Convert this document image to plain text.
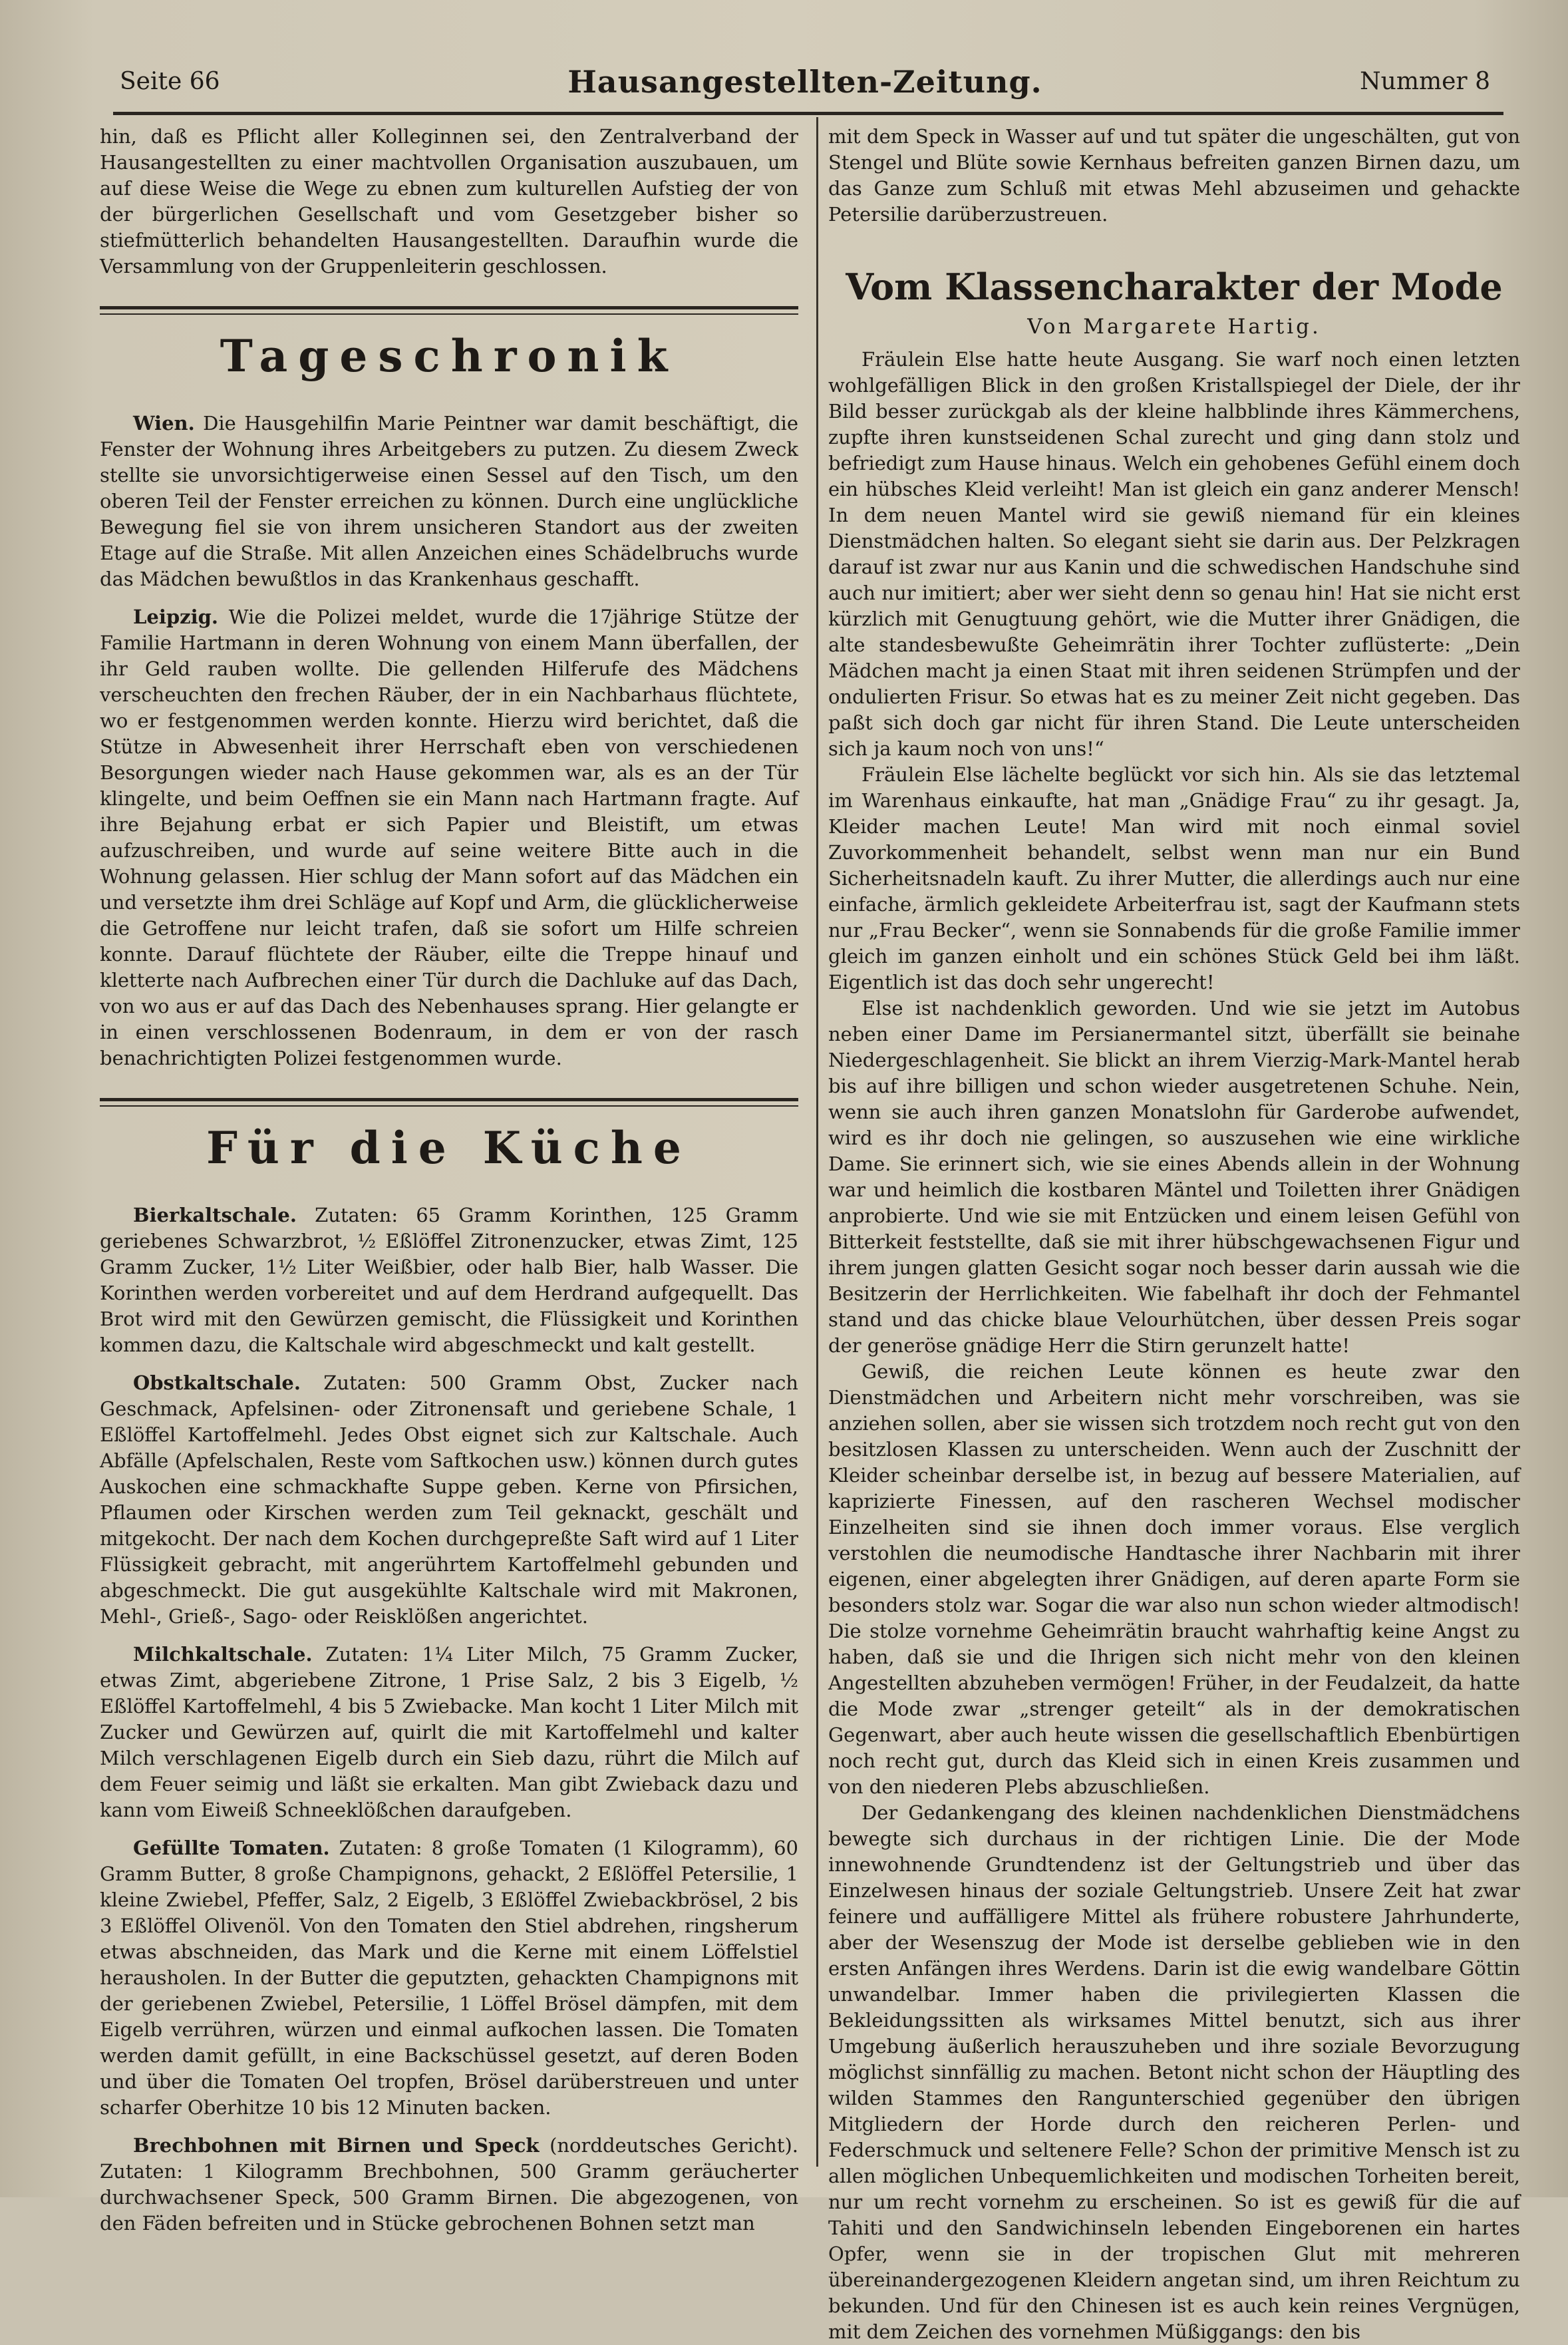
Seite 66	Hausangestellten-Zeitung.	Nummer 8

hin, daß es Pflicht aller Kolleginnen sei, den Zentralverband der Hausangestellten zu einer machtvollen Organisation auszubauen, um auf diese Weise die Wege zu ebnen zum kulturellen Aufstieg der von der bürgerlichen Gesellschaft und vom Gesetzgeber bisher so stiefmütterlich behandelten Hausangestellten. Daraufhin wurde die Versammlung von der Gruppenleiterin geschlossen.

Tageschronik

Wien. Die Hausgehilfin Marie Peintner war damit beschäftigt, die Fenster der Wohnung ihres Arbeitgebers zu putzen. Zu diesem Zweck stellte sie unvorsichtigerweise einen Sessel auf den Tisch, um den oberen Teil der Fenster erreichen zu können. Durch eine unglückliche Bewegung fiel sie von ihrem unsicheren Standort aus der zweiten Etage auf die Straße. Mit allen Anzeichen eines Schädelbruchs wurde das Mädchen bewußtlos in das Krankenhaus geschafft.

Leipzig. Wie die Polizei meldet, wurde die 17jährige Stütze der Familie Hartmann in deren Wohnung von einem Mann überfallen, der ihr Geld rauben wollte. Die gellenden Hilferufe des Mädchens verscheuchten den frechen Räuber, der in ein Nachbarhaus flüchtete, wo er festgenommen werden konnte. Hierzu wird berichtet, daß die Stütze in Abwesenheit ihrer Herrschaft eben von verschiedenen Besorgungen wieder nach Hause gekommen war, als es an der Tür klingelte, und beim Oeffnen sie ein Mann nach Hartmann fragte. Auf ihre Bejahung erbat er sich Papier und Bleistift, um etwas aufzuschreiben, und wurde auf seine weitere Bitte auch in die Wohnung gelassen. Hier schlug der Mann sofort auf das Mädchen ein und versetzte ihm drei Schläge auf Kopf und Arm, die glücklicherweise die Getroffene nur leicht trafen, daß sie sofort um Hilfe schreien konnte. Darauf flüchtete der Räuber, eilte die Treppe hinauf und kletterte nach Aufbrechen einer Tür durch die Dachluke auf das Dach, von wo aus er auf das Dach des Nebenhauses sprang. Hier gelangte er in einen verschlossenen Bodenraum, in dem er von der rasch benachrichtigten Polizei festgenommen wurde.

Für die Küche

Bierkaltschale. Zutaten: 65 Gramm Korinthen, 125 Gramm geriebenes Schwarzbrot, ½ Eßlöffel Zitronenzucker, etwas Zimt, 125 Gramm Zucker, 1½ Liter Weißbier, oder halb Bier, halb Wasser. Die Korinthen werden vorbereitet und auf dem Herdrand aufgequellt. Das Brot wird mit den Gewürzen gemischt, die Flüssigkeit und Korinthen kommen dazu, die Kaltschale wird abgeschmeckt und kalt gestellt.

Obstkaltschale. Zutaten: 500 Gramm Obst, Zucker nach Geschmack, Apfelsinen- oder Zitronensaft und geriebene Schale, 1 Eßlöffel Kartoffelmehl. Jedes Obst eignet sich zur Kaltschale. Auch Abfälle (Apfelschalen, Reste vom Saftkochen usw.) können durch gutes Auskochen eine schmackhafte Suppe geben. Kerne von Pfirsichen, Pflaumen oder Kirschen werden zum Teil geknackt, geschält und mitgekocht. Der nach dem Kochen durchgepreßte Saft wird auf 1 Liter Flüssigkeit gebracht, mit angerührtem Kartoffelmehl gebunden und abgeschmeckt. Die gut ausgekühlte Kaltschale wird mit Makronen, Mehl-, Grieß-, Sago- oder Reisklößen angerichtet.

Milchkaltschale. Zutaten: 1¼ Liter Milch, 75 Gramm Zucker, etwas Zimt, abgeriebene Zitrone, 1 Prise Salz, 2 bis 3 Eigelb, ½ Eßlöffel Kartoffelmehl, 4 bis 5 Zwiebacke. Man kocht 1 Liter Milch mit Zucker und Gewürzen auf, quirlt die mit Kartoffelmehl und kalter Milch verschlagenen Eigelb durch ein Sieb dazu, rührt die Milch auf dem Feuer seimig und läßt sie erkalten. Man gibt Zwieback dazu und kann vom Eiweiß Schneeklößchen daraufgeben.

Gefüllte Tomaten. Zutaten: 8 große Tomaten (1 Kilogramm), 60 Gramm Butter, 8 große Champignons, gehackt, 2 Eßlöffel Petersilie, 1 kleine Zwiebel, Pfeffer, Salz, 2 Eigelb, 3 Eßlöffel Zwiebackbrösel, 2 bis 3 Eßlöffel Olivenöl. Von den Tomaten den Stiel abdrehen, ringsherum etwas abschneiden, das Mark und die Kerne mit einem Löffelstiel herausholen. In der Butter die geputzten, gehackten Champignons mit der geriebenen Zwiebel, Petersilie, 1 Löffel Brösel dämpfen, mit dem Eigelb verrühren, würzen und einmal aufkochen lassen. Die Tomaten werden damit gefüllt, in eine Backschüssel gesetzt, auf deren Boden und über die Tomaten Oel tropfen, Brösel darüberstreuen und unter scharfer Oberhitze 10 bis 12 Minuten backen.

Brechbohnen mit Birnen und Speck (norddeutsches Gericht). Zutaten: 1 Kilogramm Brechbohnen, 500 Gramm geräucherter durchwachsener Speck, 500 Gramm Birnen. Die abgezogenen, von den Fäden befreiten und in Stücke gebrochenen Bohnen setzt man

mit dem Speck in Wasser auf und tut später die ungeschälten, gut von Stengel und Blüte sowie Kernhaus befreiten ganzen Birnen dazu, um das Ganze zum Schluß mit etwas Mehl abzuseimen und gehackte Petersilie darüberzustreuen.

Vom Klassencharakter der Mode
Von Margarete Hartig.

Fräulein Else hatte heute Ausgang. Sie warf noch einen letzten wohlgefälligen Blick in den großen Kristallspiegel der Diele, der ihr Bild besser zurückgab als der kleine halbblinde ihres Kämmerchens, zupfte ihren kunstseidenen Schal zurecht und ging dann stolz und befriedigt zum Hause hinaus. Welch ein gehobenes Gefühl einem doch ein hübsches Kleid verleiht! Man ist gleich ein ganz anderer Mensch! In dem neuen Mantel wird sie gewiß niemand für ein kleines Dienstmädchen halten. So elegant sieht sie darin aus. Der Pelzkragen darauf ist zwar nur aus Kanin und die schwedischen Handschuhe sind auch nur imitiert; aber wer sieht denn so genau hin! Hat sie nicht erst kürzlich mit Genugtuung gehört, wie die Mutter ihrer Gnädigen, die alte standesbewußte Geheimrätin ihrer Tochter zuflüsterte: „Dein Mädchen macht ja einen Staat mit ihren seidenen Strümpfen und der ondulierten Frisur. So etwas hat es zu meiner Zeit nicht gegeben. Das paßt sich doch gar nicht für ihren Stand. Die Leute unterscheiden sich ja kaum noch von uns!“

Fräulein Else lächelte beglückt vor sich hin. Als sie das letztemal im Warenhaus einkaufte, hat man „Gnädige Frau“ zu ihr gesagt. Ja, Kleider machen Leute! Man wird mit noch einmal soviel Zuvorkommenheit behandelt, selbst wenn man nur ein Bund Sicherheitsnadeln kauft. Zu ihrer Mutter, die allerdings auch nur eine einfache, ärmlich gekleidete Arbeiterfrau ist, sagt der Kaufmann stets nur „Frau Becker“, wenn sie Sonnabends für die große Familie immer gleich im ganzen einholt und ein schönes Stück Geld bei ihm läßt. Eigentlich ist das doch sehr ungerecht!

Else ist nachdenklich geworden. Und wie sie jetzt im Autobus neben einer Dame im Persianermantel sitzt, überfällt sie beinahe Niedergeschlagenheit. Sie blickt an ihrem Vierzig-Mark-Mantel herab bis auf ihre billigen und schon wieder ausgetretenen Schuhe. Nein, wenn sie auch ihren ganzen Monatslohn für Garderobe aufwendet, wird es ihr doch nie gelingen, so auszusehen wie eine wirkliche Dame. Sie erinnert sich, wie sie eines Abends allein in der Wohnung war und heimlich die kostbaren Mäntel und Toiletten ihrer Gnädigen anprobierte. Und wie sie mit Entzücken und einem leisen Gefühl von Bitterkeit feststellte, daß sie mit ihrer hübschgewachsenen Figur und ihrem jungen glatten Gesicht sogar noch besser darin aussah wie die Besitzerin der Herrlichkeiten. Wie fabelhaft ihr doch der Fehmantel stand und das chicke blaue Velourhütchen, über dessen Preis sogar der generöse gnädige Herr die Stirn gerunzelt hatte!

Gewiß, die reichen Leute können es heute zwar den Dienstmädchen und Arbeitern nicht mehr vorschreiben, was sie anziehen sollen, aber sie wissen sich trotzdem noch recht gut von den besitzlosen Klassen zu unterscheiden. Wenn auch der Zuschnitt der Kleider scheinbar derselbe ist, in bezug auf bessere Materialien, auf kaprizierte Finessen, auf den rascheren Wechsel modischer Einzelheiten sind sie ihnen doch immer voraus. Else verglich verstohlen die neumodische Handtasche ihrer Nachbarin mit ihrer eigenen, einer abgelegten ihrer Gnädigen, auf deren aparte Form sie besonders stolz war. Sogar die war also nun schon wieder altmodisch! Die stolze vornehme Geheimrätin braucht wahrhaftig keine Angst zu haben, daß sie und die Ihrigen sich nicht mehr von den kleinen Angestellten abzuheben vermögen! Früher, in der Feudalzeit, da hatte die Mode zwar „strenger geteilt“ als in der demokratischen Gegenwart, aber auch heute wissen die gesellschaftlich Ebenbürtigen noch recht gut, durch das Kleid sich in einen Kreis zusammen und von den niederen Plebs abzuschließen.

Der Gedankengang des kleinen nachdenklichen Dienstmädchens bewegte sich durchaus in der richtigen Linie. Die der Mode innewohnende Grundtendenz ist der Geltungstrieb und über das Einzelwesen hinaus der soziale Geltungstrieb. Unsere Zeit hat zwar feinere und auffälligere Mittel als frühere robustere Jahrhunderte, aber der Wesenszug der Mode ist derselbe geblieben wie in den ersten Anfängen ihres Werdens. Darin ist die ewig wandelbare Göttin unwandelbar. Immer haben die privilegierten Klassen die Bekleidungssitten als wirksames Mittel benutzt, sich aus ihrer Umgebung äußerlich herauszuheben und ihre soziale Bevorzugung möglichst sinnfällig zu machen. Betont nicht schon der Häuptling des wilden Stammes den Rangunterschied gegenüber den übrigen Mitgliedern der Horde durch den reicheren Perlen- und Federschmuck und seltenere Felle? Schon der primitive Mensch ist zu allen möglichen Unbequemlichkeiten und modischen Torheiten bereit, nur um recht vornehm zu erscheinen. So ist es gewiß für die auf Tahiti und den Sandwichinseln lebenden Eingeborenen ein hartes Opfer, wenn sie in der tropischen Glut mit mehreren übereinandergezogenen Kleidern angetan sind, um ihren Reichtum zu bekunden. Und für den Chinesen ist es auch kein reines Vergnügen, mit dem Zeichen des vornehmen Müßiggangs: den bis
